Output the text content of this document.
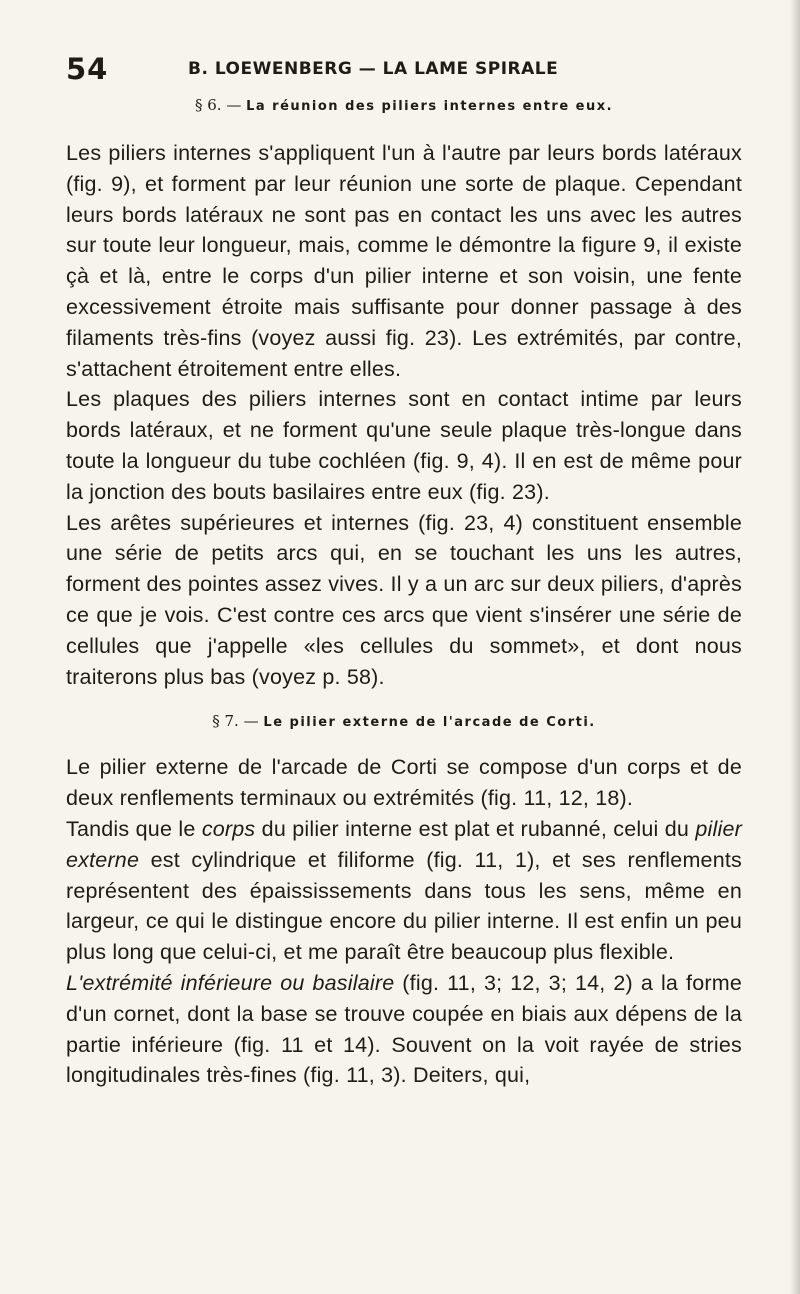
54	B. LOEWENBERG — LA LAME SPIRALE
§ 6. — La réunion des piliers internes entre eux.

Les piliers internes s'appliquent l'un à l'autre par leurs bords latéraux (fig. 9), et forment par leur réunion une sorte de plaque. Cependant leurs bords latéraux ne sont pas en contact les uns avec les autres sur toute leur longueur, mais, comme le démontre la figure 9, il existe çà et là, entre le corps d'un pilier interne et son voisin, une fente excessivement étroite mais suffisante pour donner passage à des filaments très-fins (voyez aussi fig. 23). Les extrémités, par contre, s'attachent étroitement entre elles.

Les plaques des piliers internes sont en contact intime par leurs bords latéraux, et ne forment qu'une seule plaque très-longue dans toute la longueur du tube cochléen (fig. 9, 4). Il en est de même pour la jonction des bouts basilaires entre eux (fig. 23).

Les arêtes supérieures et internes (fig. 23, 4) constituent ensemble une série de petits arcs qui, en se touchant les uns les autres, forment des pointes assez vives. Il y a un arc sur deux piliers, d'après ce que je vois. C'est contre ces arcs que vient s'insérer une série de cellules que j'appelle «les cellules du sommet», et dont nous traiterons plus bas (voyez p. 58).

§ 7. — Le pilier externe de l'arcade de Corti.

Le pilier externe de l'arcade de Corti se compose d'un corps et de deux renflements terminaux ou extrémités (fig. 11, 12, 18).

Tandis que le corps du pilier interne est plat et rubanné, celui du pilier externe est cylindrique et filiforme (fig. 11, 1), et ses renflements représentent des épaississements dans tous les sens, même en largeur, ce qui le distingue encore du pilier interne. Il est enfin un peu plus long que celui-ci, et me paraît être beaucoup plus flexible.

L'extrémité inférieure ou basilaire (fig. 11, 3; 12, 3; 14, 2) a la forme d'un cornet, dont la base se trouve coupée en biais aux dépens de la partie inférieure (fig. 11 et 14). Souvent on la voit rayée de stries longitudinales très-fines (fig. 11, 3). Deiters, qui,
